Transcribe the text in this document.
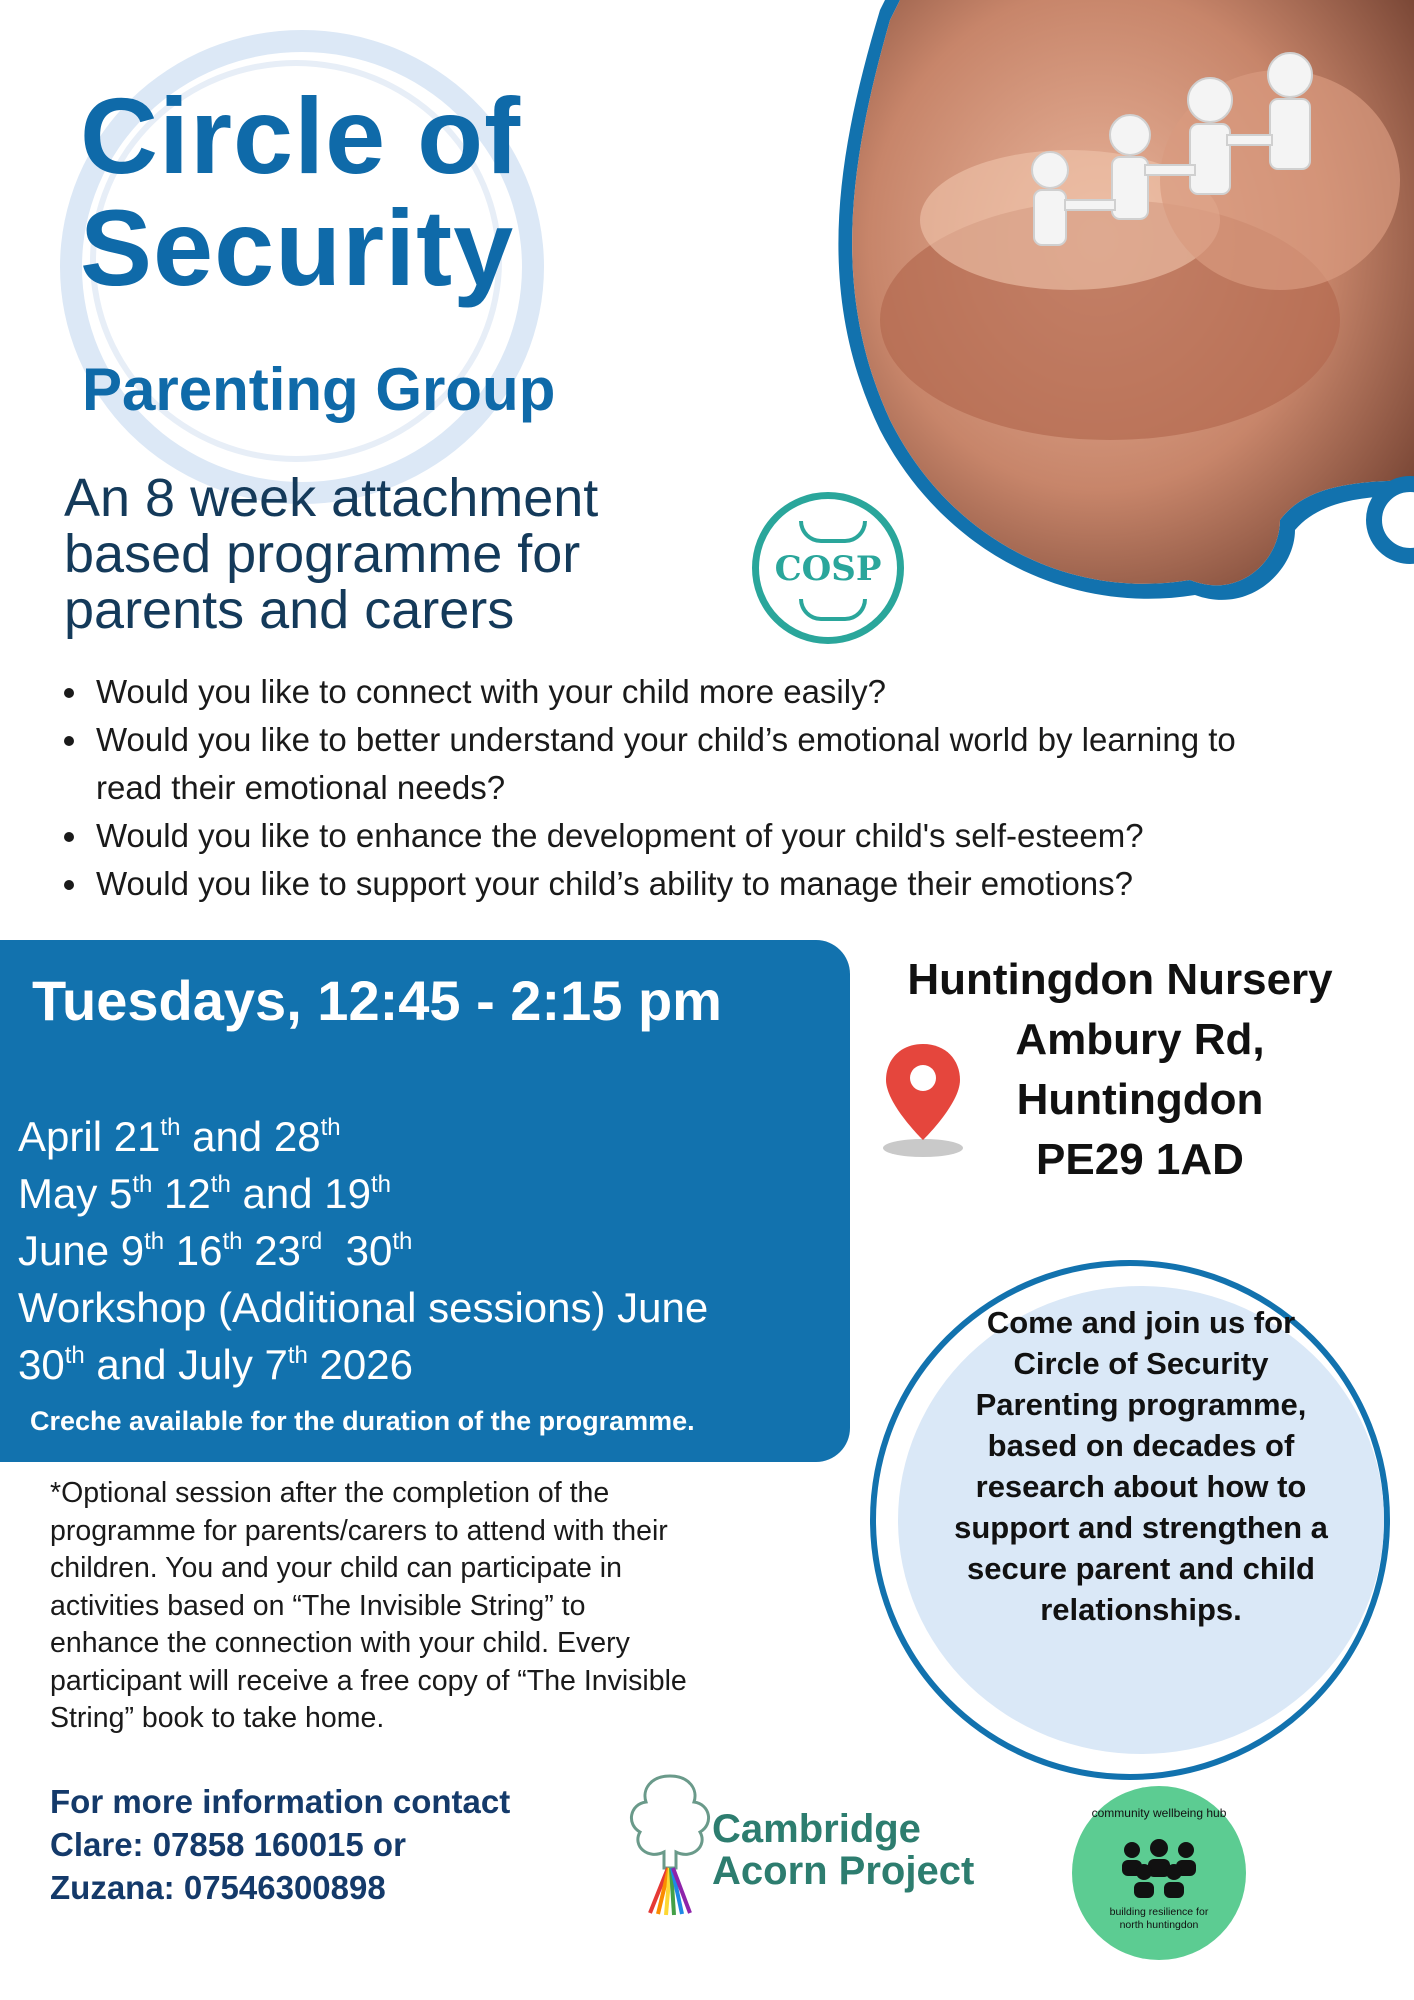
Circle of
Security
Parenting Group

An 8 week attachment
based programme for
parents and carers

COSP
Would you like to connect with your child more easily?
Would you like to better understand your child’s emotional world by learning to read their emotional needs?
Would you like to enhance the development of your child's self-esteem?
Would you like to support your child’s ability to manage their emotions?
Tuesdays, 12:45 - 2:15 pm
April 21th and 28th
May 5th 12th and 19th
June 9th 16th 23rd  30th
Workshop (Additional sessions) June
30th and July 7th 2026

Creche available for the duration of the programme.

Huntingdon Nursery
Ambury Rd,
Huntingdon
PE29 1AD

Come and join us for
Circle of Security
Parenting programme,
based on decades of
research about how to
support and strengthen a
secure parent and child
relationships.

*Optional session after the completion of the
programme for parents/carers to attend with their
children. You and your child can participate in
activities based on “The Invisible String” to
enhance the connection with your child. Every
participant will receive a free copy of “The Invisible
String” book to take home.

For more information contact
Clare: 07858 160015 or
Zuzana: 07546300898

Cambridge
Acorn Project

community wellbeing hub
building resilience for
north huntingdon
